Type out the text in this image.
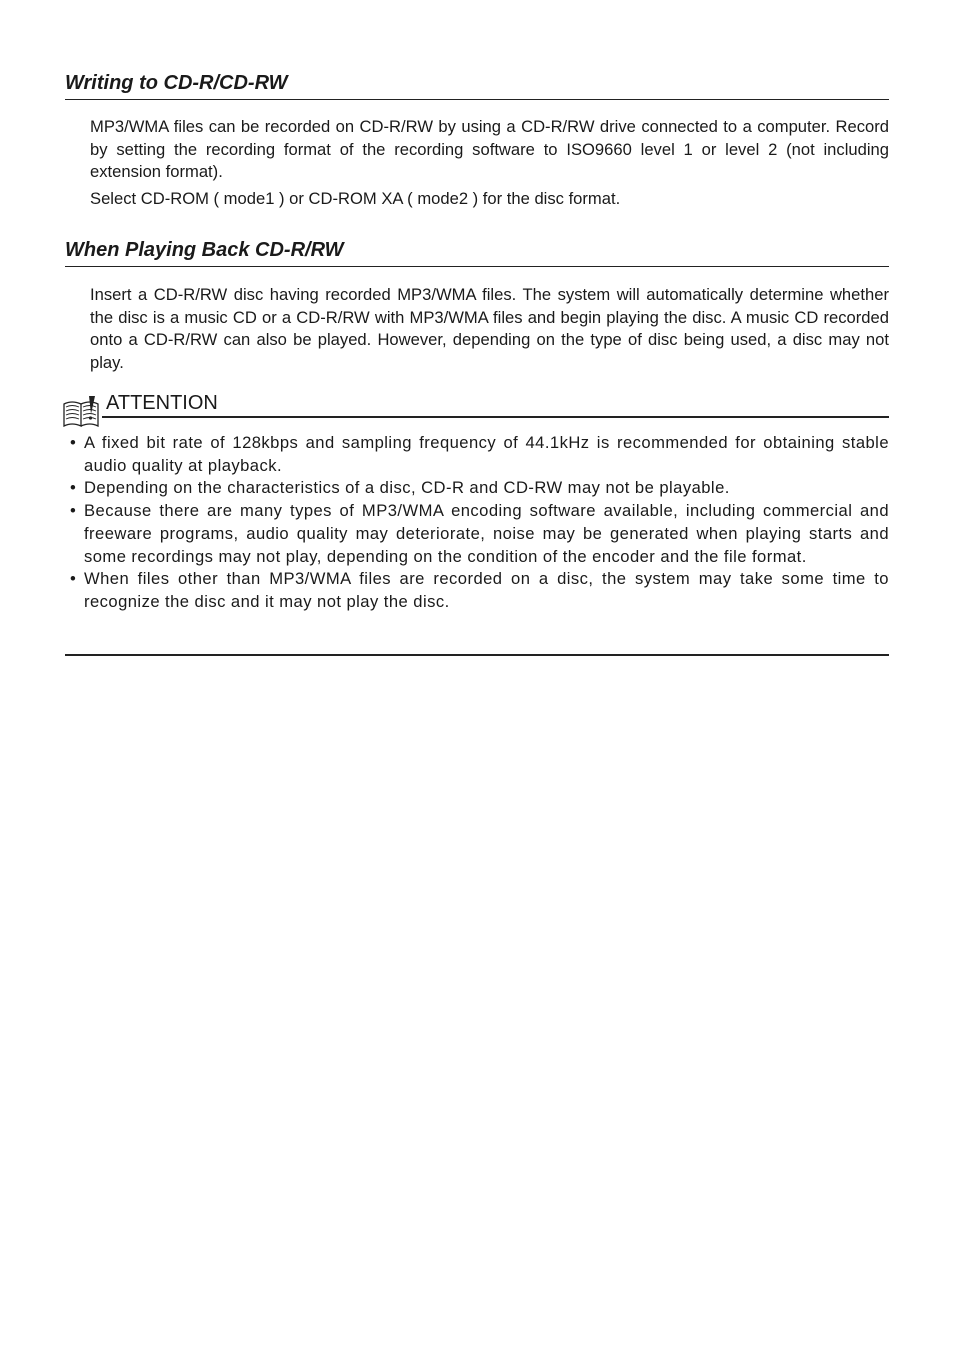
Writing to CD-R/CD-RW

MP3/WMA files can be recorded on CD-R/RW by using a CD-R/RW drive connected to a computer. Record by setting the recording format of the recording software to ISO9660 level 1 or level 2 (not including extension format).

Select CD-ROM ( mode1 ) or CD-ROM XA ( mode2 ) for the disc format.

When Playing Back CD-R/RW

Insert a CD-R/RW disc having recorded MP3/WMA files. The system will automatically determine whether the disc is a music CD or a CD-R/RW with MP3/WMA files and begin playing the disc. A music CD recorded onto a CD-R/RW can also be played. However, depending on the type of disc being used, a disc may not play.

ATTENTION
• A fixed bit rate of 128kbps and sampling frequency of 44.1kHz is recommended for obtaining stable audio quality at playback.
• Depending on the characteristics of a disc, CD-R and CD-RW may not be playable.
• Because there are many types of MP3/WMA encoding software available, including commercial and freeware programs, audio quality may deteriorate, noise may be generated when playing starts and some recordings may not play, depending on the condition of the encoder and the file format.
• When files other than MP3/WMA files are recorded on a disc, the system may take some time to recognize the disc and it may not play the disc.
